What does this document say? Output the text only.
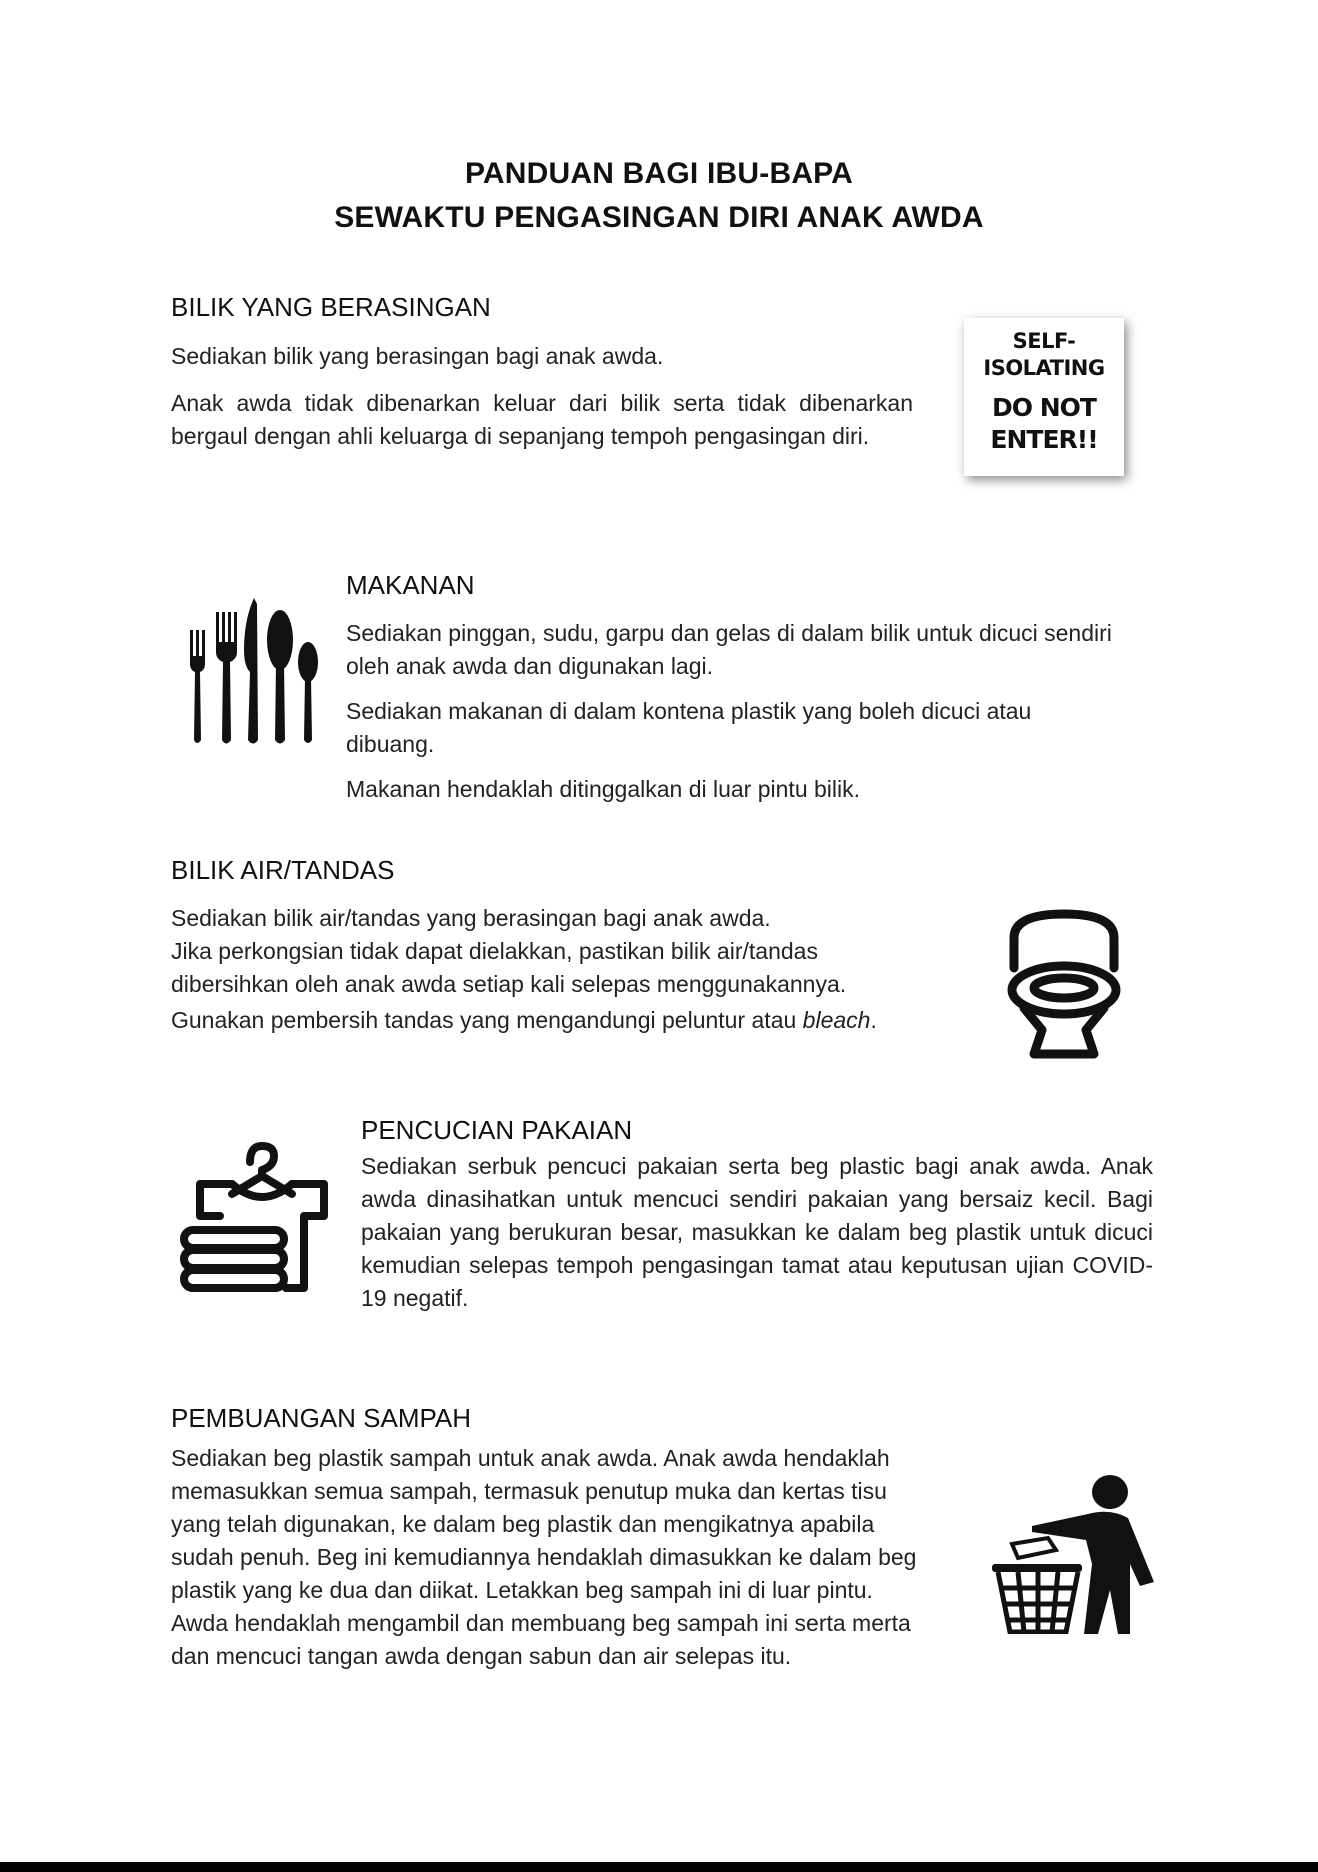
PANDUAN BAGI IBU-BAPA
SEWAKTU PENGASINGAN DIRI ANAK AWDA
BILIK YANG BERASINGAN

Sediakan bilik yang berasingan bagi anak awda.

Anak awda tidak dibenarkan keluar dari bilik serta tidak dibenarkan bergaul dengan ahli keluarga di sepanjang tempoh pengasingan diri.

SELF-
ISOLATING
DO NOT
ENTER!!
MAKANAN

Sediakan pinggan, sudu, garpu dan gelas di dalam bilik untuk dicuci sendiri oleh anak awda dan digunakan lagi.

Sediakan makanan di dalam kontena plastik yang boleh dicuci atau dibuang.

Makanan hendaklah ditinggalkan di luar pintu bilik.

BILIK AIR/TANDAS

Sediakan bilik air/tandas yang berasingan bagi anak awda.

Jika perkongsian tidak dapat dielakkan, pastikan bilik air/tandas

dibersihkan oleh anak awda setiap kali selepas menggunakannya.

Gunakan pembersih tandas yang mengandungi peluntur atau bleach.

PENCUCIAN PAKAIAN

Sediakan serbuk pencuci pakaian serta beg plastic bagi anak awda. Anak awda dinasihatkan untuk mencuci sendiri pakaian yang bersaiz kecil. Bagi pakaian yang berukuran besar, masukkan ke dalam beg plastik untuk dicuci kemudian selepas tempoh pengasingan tamat atau keputusan ujian COVID-19 negatif.

PEMBUANGAN SAMPAH

Sediakan beg plastik sampah untuk anak awda. Anak awda hendaklah

memasukkan semua sampah, termasuk penutup muka dan kertas tisu

yang telah digunakan, ke dalam beg plastik dan mengikatnya apabila

sudah penuh. Beg ini kemudiannya hendaklah dimasukkan ke dalam beg

plastik yang ke dua dan diikat. Letakkan beg sampah ini di luar pintu.

Awda hendaklah mengambil dan membuang beg sampah ini serta merta

dan mencuci tangan awda dengan sabun dan air selepas itu.
